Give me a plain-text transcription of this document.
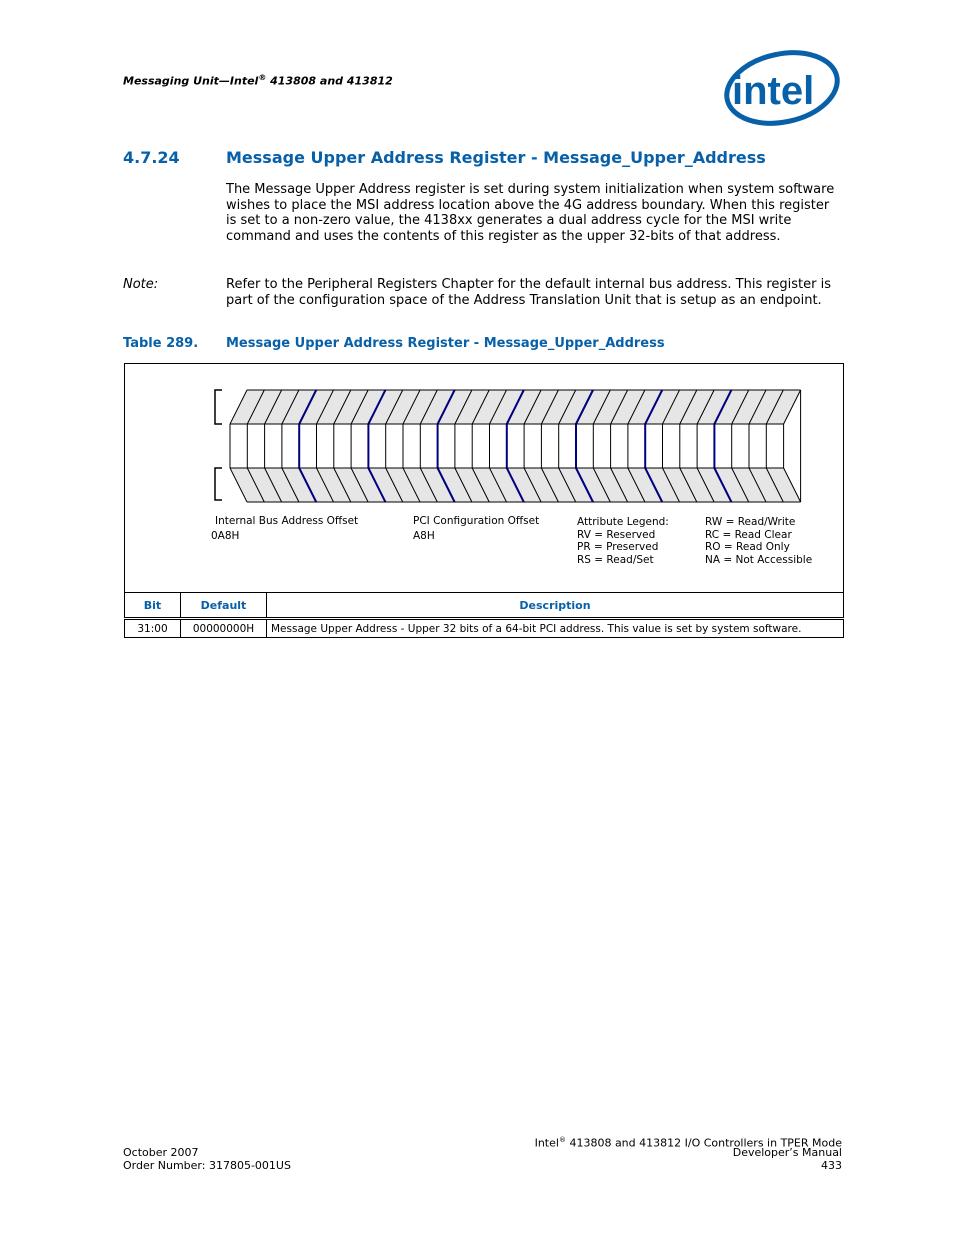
Messaging Unit—Intel® 413808 and 413812	intel
4.7.24	Message Upper Address Register - Message_Upper_Address
The Message Upper Address register is set during system initialization when system software wishes to place the MSI address location above the 4G address boundary. When this register is set to a non-zero value, the 4138xx generates a dual address cycle for the MSI write command and uses the contents of this register as the upper 32-bits of that address.
Note:	Refer to the Peripheral Registers Chapter for the default internal bus address. This register is part of the configuration space of the Address Translation Unit that is setup as an endpoint.
Table 289. Message Upper Address Register - Message_Upper_Address
Internal Bus Address Offset
0A8H
PCI Configuration Offset
A8H
Attribute Legend:
RV = Reserved
PR = Preserved
RS = Read/Set
RW = Read/Write
RC = Read Clear
RO = Read Only
NA = Not Accessible
Bit	Default	Description
31:00	00000000H	Message Upper Address - Upper 32 bits of a 64-bit PCI address. This value is set by system software.
October 2007
Order Number: 317805-001US
Intel® 413808 and 413812 I/O Controllers in TPER Mode
Developer’s Manual
433
